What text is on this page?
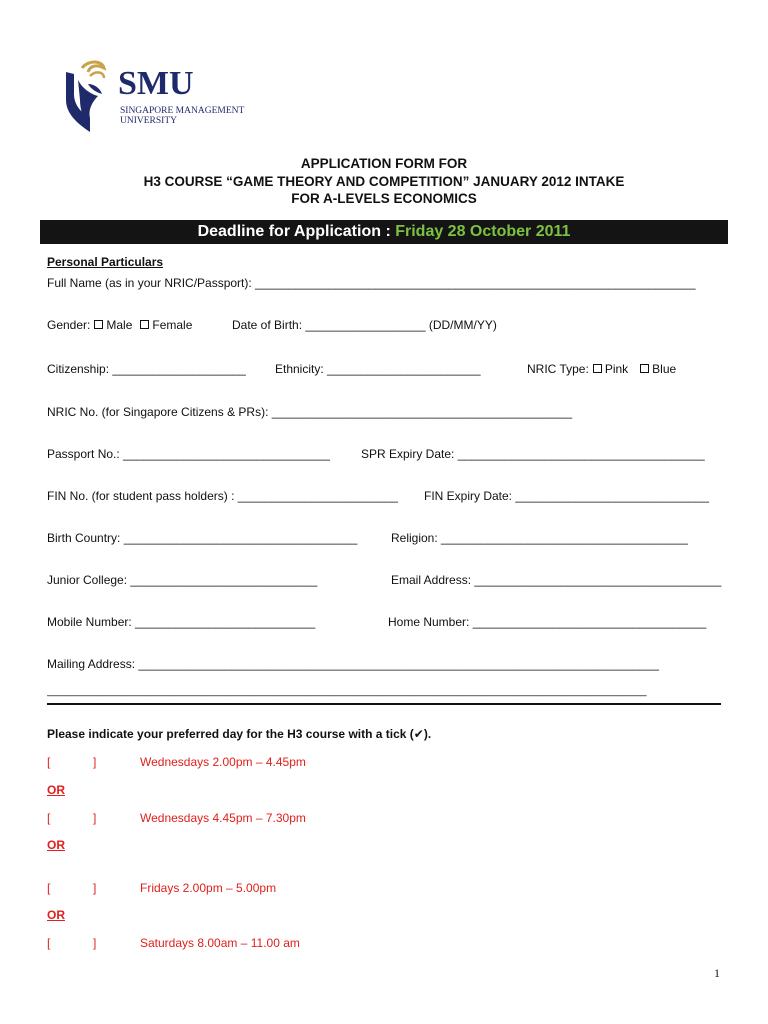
SMU
SINGAPORE MANAGEMENT
UNIVERSITY
APPLICATION FORM FOR
H3 COURSE “GAME THEORY AND COMPETITION” JANUARY 2012 INTAKE
FOR A-LEVELS ECONOMICS
Deadline for Application : Friday 28 October 2011
Personal Particulars
Full Name (as in your NRIC/Passport): __________________________________________________________________
Gender: Male Female	Date of Birth: __________________ (DD/MM/YY)
Citizenship: ____________________ Ethnicity: _______________________	NRIC Type: Pink Blue
NRIC No. (for Singapore Citizens & PRs): _____________________________________________
Passport No.: _______________________________	SPR Expiry Date: _____________________________________
FIN No. (for student pass holders) : ________________________ FIN Expiry Date: _____________________________
Birth Country: ___________________________________	Religion: _____________________________________
Junior College: ____________________________	Email Address: _____________________________________
Mobile Number: ___________________________	Home Number: ___________________________________
Mailing Address: ______________________________________________________________________________
__________________________________________________________________________________________________
Please indicate your preferred day for the H3 course with a tick (✔).
[	]	Wednesdays 2.00pm – 4.45pm
OR
[	]	Wednesdays 4.45pm – 7.30pm
OR
[	]	Fridays 2.00pm – 5.00pm
OR
[	]	Saturdays 8.00am – 11.00 am
1
